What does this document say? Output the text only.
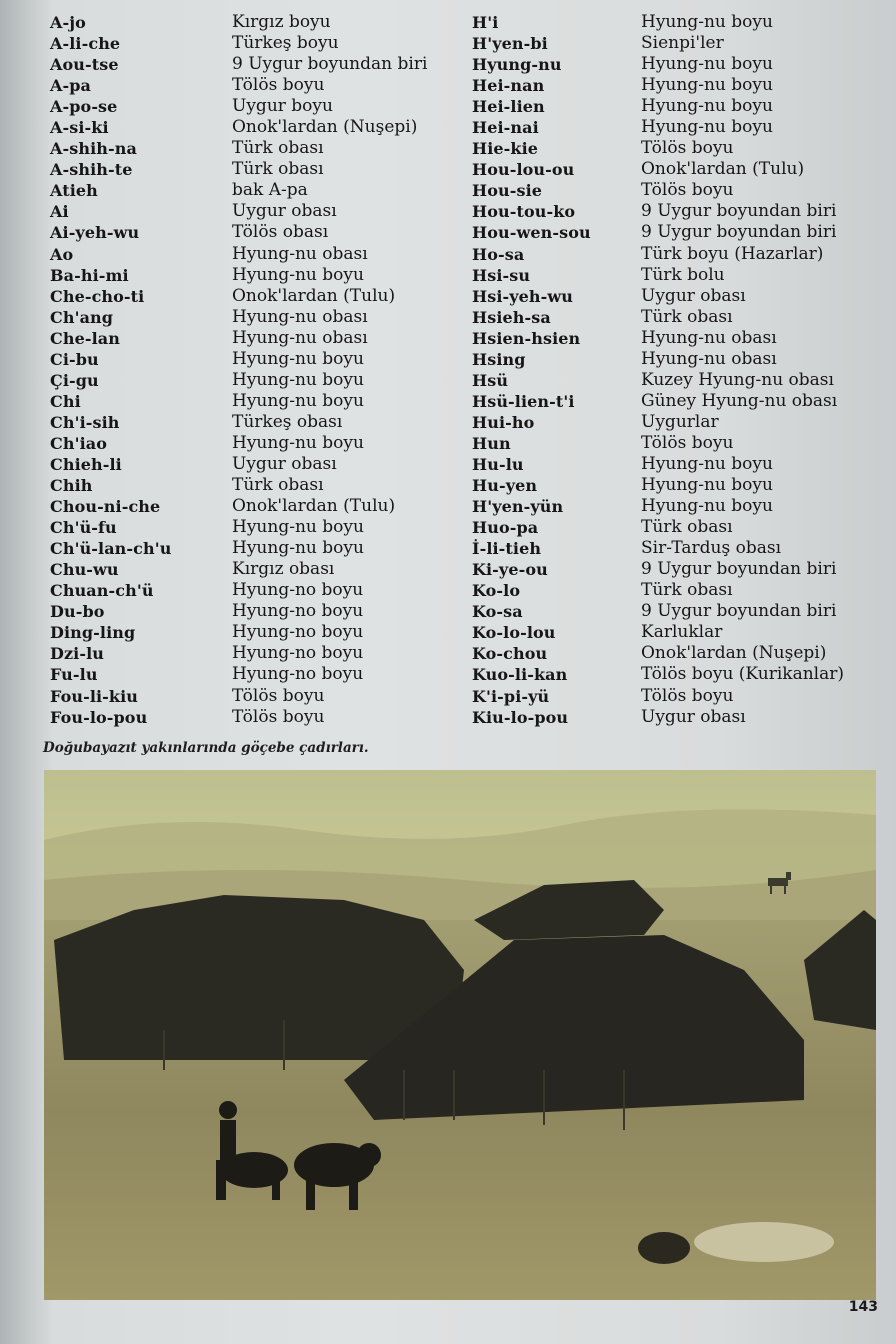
A-jo
A-li-che
Aou-tse
A-pa
A-po-se
A-si-ki
A-shih-na
A-shih-te
Atieh
Ai
Ai-yeh-wu
Ao
Ba-hi-mi
Che-cho-ti
Ch'ang
Che-lan
Ci-bu
Çi-gu
Chi
Ch'i-sih
Ch'iao
Chieh-li
Chih
Chou-ni-che
Ch'ü-fu
Ch'ü-lan-ch'u
Chu-wu
Chuan-ch'ü
Du-bo
Ding-ling
Dzi-lu
Fu-lu
Fou-li-kiu
Fou-lo-pou
Kırgız boyu
Türkeş boyu
9 Uygur boyundan biri
Tölös boyu
Uygur boyu
Onok'lardan (Nuşepi)
Türk obası
Türk obası
bak A-pa
Uygur obası
Tölös obası
Hyung-nu obası
Hyung-nu boyu
Onok'lardan (Tulu)
Hyung-nu obası
Hyung-nu obası
Hyung-nu boyu
Hyung-nu boyu
Hyung-nu boyu
Türkeş obası
Hyung-nu boyu
Uygur obası
Türk obası
Onok'lardan (Tulu)
Hyung-nu boyu
Hyung-nu boyu
Kırgız obası
Hyung-no boyu
Hyung-no boyu
Hyung-no boyu
Hyung-no boyu
Hyung-no boyu
Tölös boyu
Tölös boyu
H'i
H'yen-bi
Hyung-nu
Hei-nan
Hei-lien
Hei-nai
Hie-kie
Hou-lou-ou
Hou-sie
Hou-tou-ko
Hou-wen-sou
Ho-sa
Hsi-su
Hsi-yeh-wu
Hsieh-sa
Hsien-hsien
Hsing
Hsü
Hsü-lien-t'i
Hui-ho
Hun
Hu-lu
Hu-yen
H'yen-yün
Huo-pa
İ-li-tieh
Ki-ye-ou
Ko-lo
Ko-sa
Ko-lo-lou
Ko-chou
Kuo-li-kan
K'i-pi-yü
Kiu-lo-pou
Hyung-nu boyu
Sienpi'ler
Hyung-nu boyu
Hyung-nu boyu
Hyung-nu boyu
Hyung-nu boyu
Tölös boyu
Onok'lardan (Tulu)
Tölös boyu
9 Uygur boyundan biri
9 Uygur boyundan biri
Türk boyu (Hazarlar)
Türk bolu
Uygur obası
Türk obası
Hyung-nu obası
Hyung-nu obası
Kuzey Hyung-nu obası
Güney Hyung-nu obası
Uygurlar
Tölös boyu
Hyung-nu boyu
Hyung-nu boyu
Hyung-nu boyu
Türk obası
Sir-Tarduş obası
9 Uygur boyundan biri
Türk obası
9 Uygur boyundan biri
Karluklar
Onok'lardan (Nuşepi)
Tölös boyu (Kurikanlar)
Tölös boyu
Uygur obası
Doğubayazıt yakınlarında göçebe çadırları.
143
